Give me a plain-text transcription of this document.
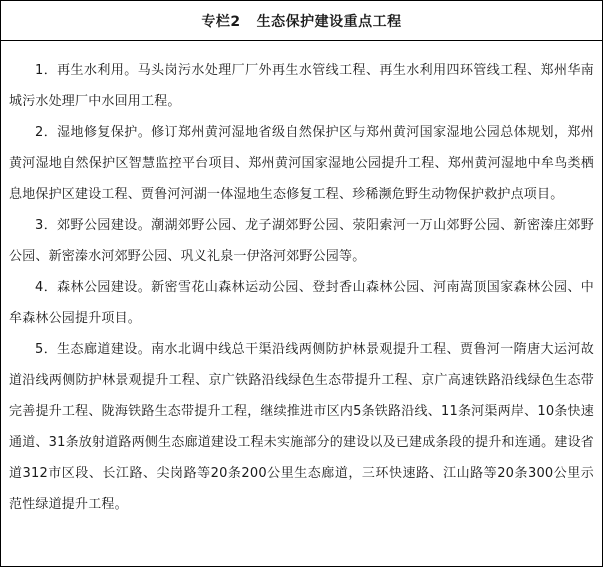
专栏2 生态保护建设重点工程

1．再生水利用。马头岗污水处理厂厂外再生水管线工程、再生水利用四环管线工程、郑州华南城污水处理厂中水回用工程。

2．湿地修复保护。修订郑州黄河湿地省级自然保护区与郑州黄河国家湿地公园总体规划，郑州黄河湿地自然保护区智慧监控平台项目、郑州黄河国家湿地公园提升工程、郑州黄河湿地中牟鸟类栖息地保护区建设工程、贾鲁河河湖一体湿地生态修复工程、珍稀濒危野生动物保护救护点项目。

3．郊野公园建设。潮湖郊野公园、龙子湖郊野公园、荥阳索河一万山郊野公园、新密溱庄郊野公园、新密溱水河郊野公园、巩义礼泉一伊洛河郊野公园等。

4．森林公园建设。新密雪花山森林运动公园、登封香山森林公园、河南嵩顶国家森林公园、中牟森林公园提升项目。

5．生态廊道建设。南水北调中线总干渠沿线两侧防护林景观提升工程、贾鲁河一隋唐大运河故道沿线两侧防护林景观提升工程、京广铁路沿线绿色生态带提升工程、京广高速铁路沿线绿色生态带完善提升工程、陇海铁路生态带提升工程，继续推进市区内5条铁路沿线、11条河渠两岸、10条快速通道、31条放射道路两侧生态廊道建设工程未实施部分的建设以及已建成条段的提升和连通。建设省道312市区段、长江路、尖岗路等20条200公里生态廊道，三环快速路、江山路等20条300公里示范性绿道提升工程。
